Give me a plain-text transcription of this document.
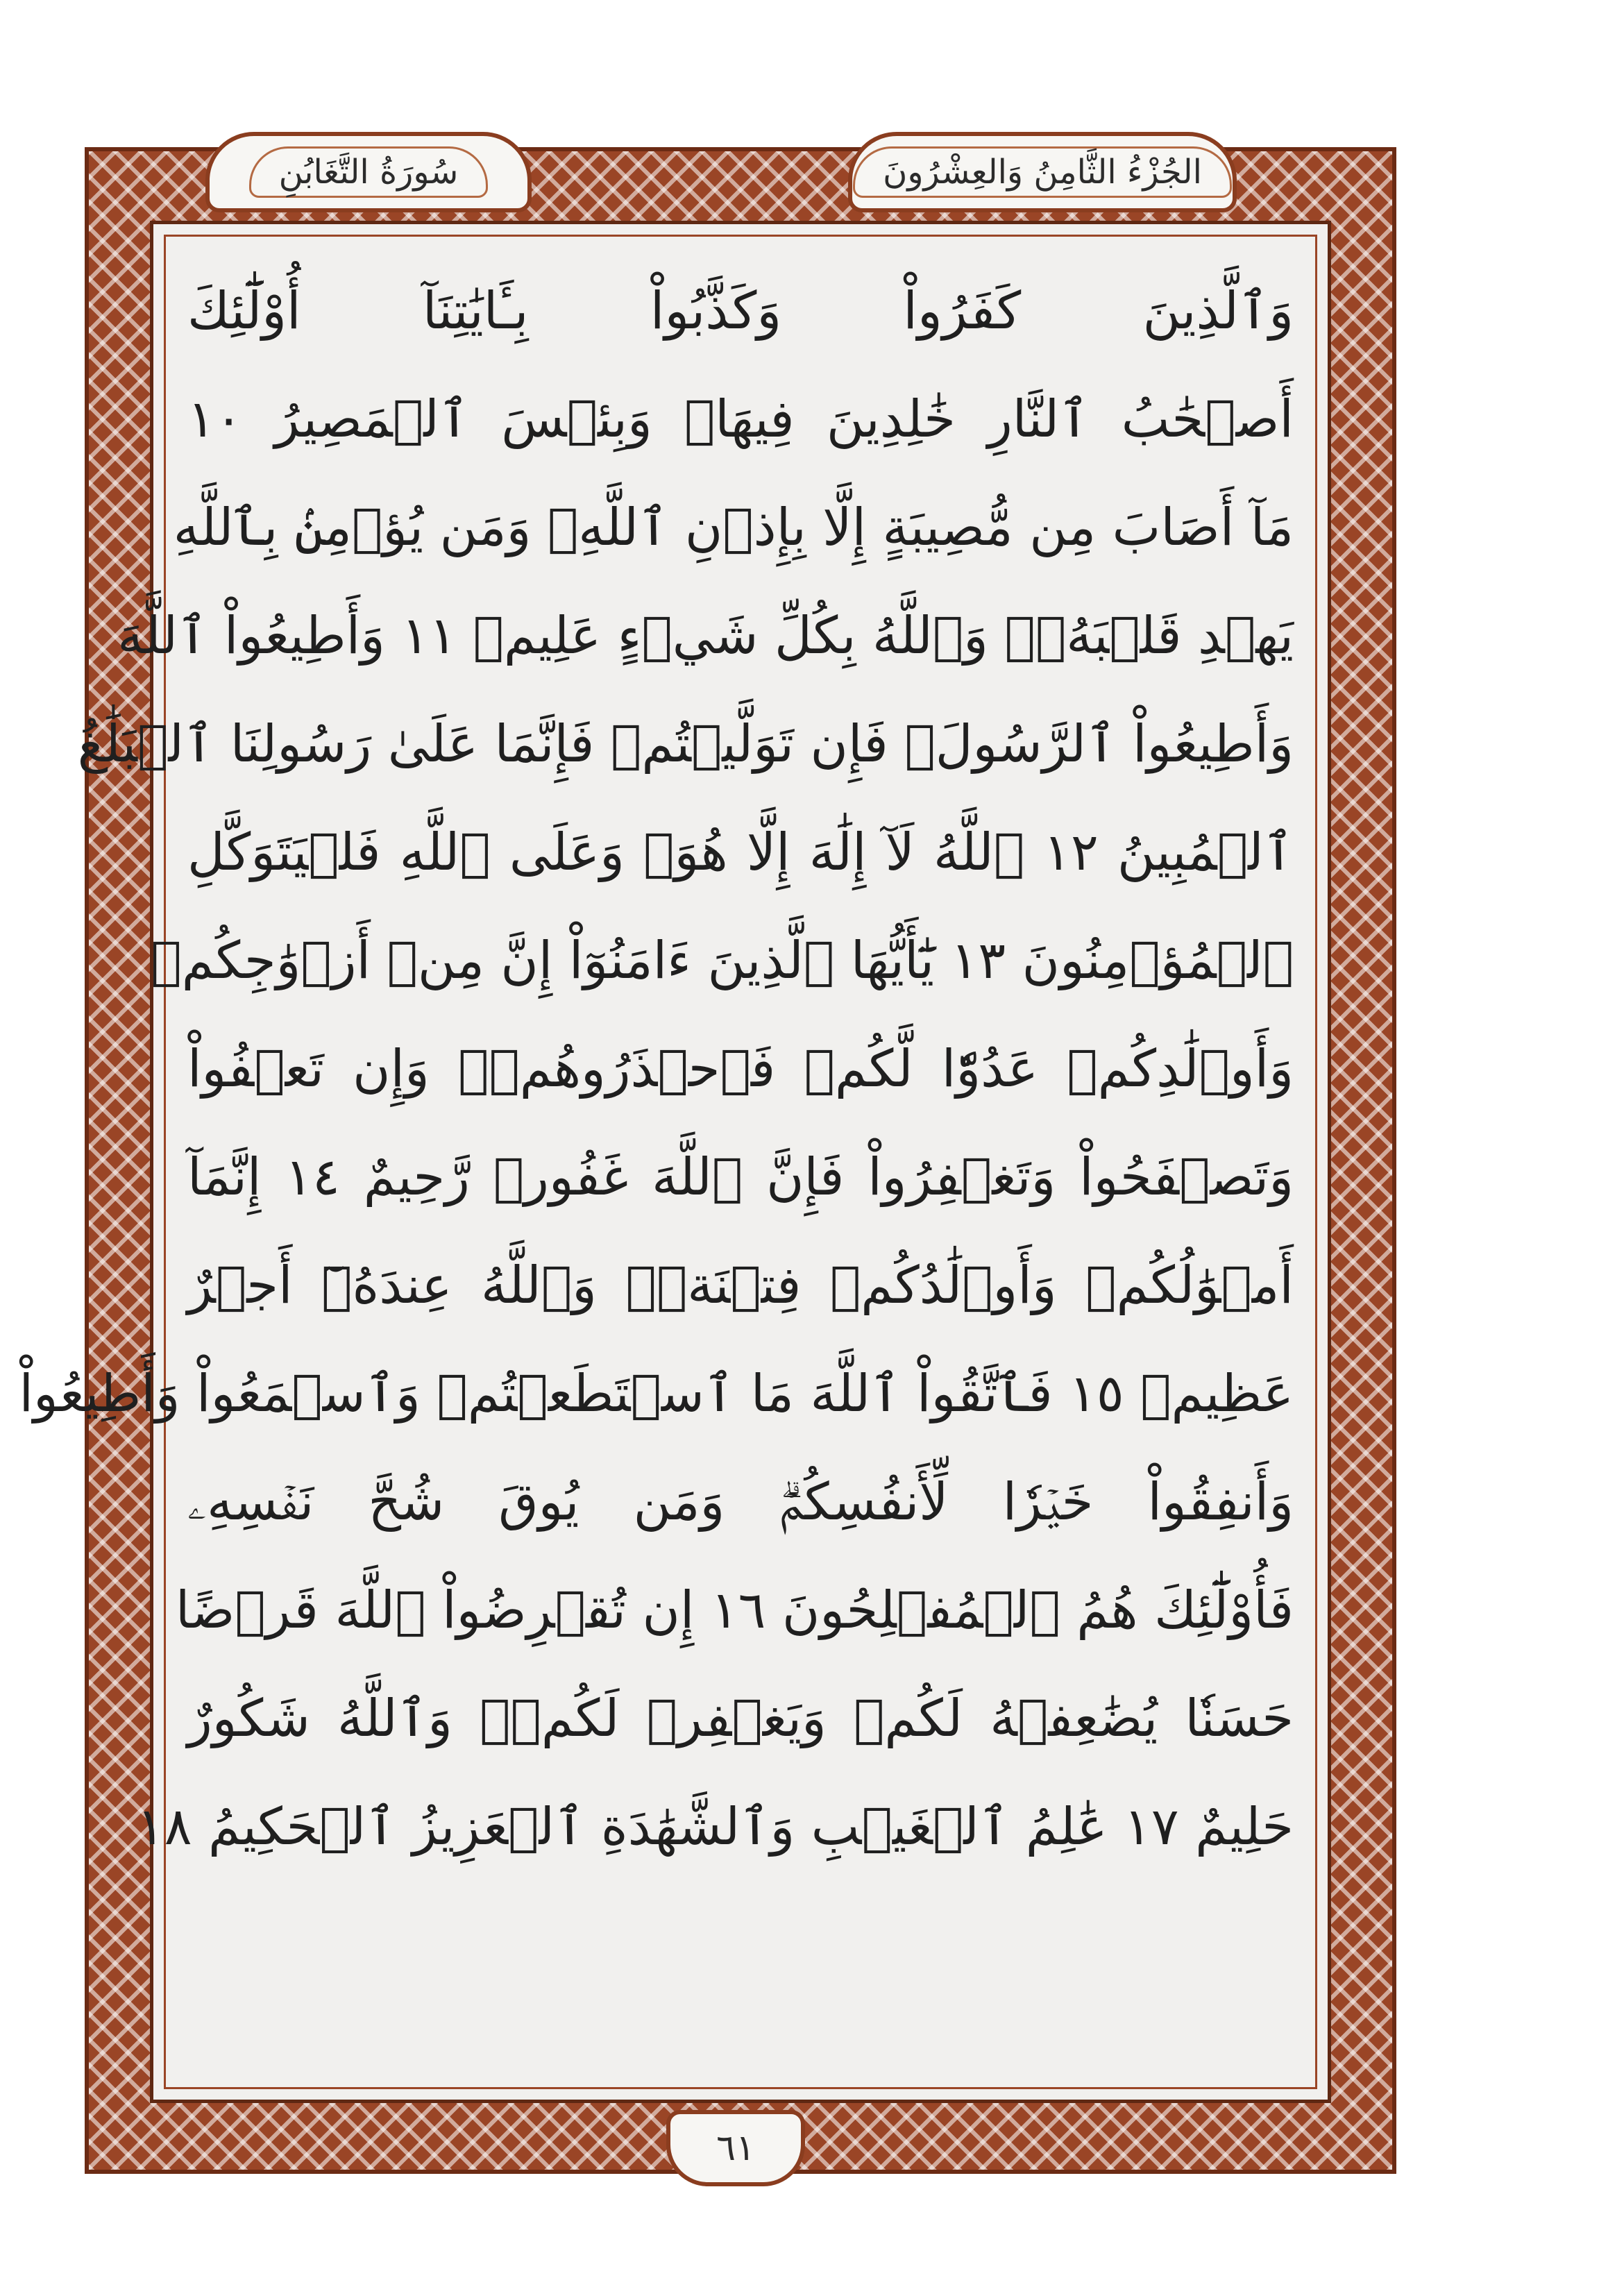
سُورَةُ التَّغَابُنِ	الجُزْءُ الثَّامِنُ وَالعِشْرُونَ
وَٱلَّذِينَ كَفَرُواْ وَكَذَّبُواْ بِـَٔايَٰتِنَآ أُوْلَٰٓئِكَ
أَصۡحَٰبُ ٱلنَّارِ خَٰلِدِينَ فِيهَاۖ وَبِئۡسَ ٱلۡمَصِيرُ ١٠
مَآ أَصَابَ مِن مُّصِيبَةٍ إِلَّا بِإِذۡنِ ٱللَّهِۗ وَمَن يُؤۡمِنۢ بِٱللَّهِ
يَهۡدِ قَلۡبَهُۥۚ وَٱللَّهُ بِكُلِّ شَيۡءٍ عَلِيمٞ ١١ وَأَطِيعُواْ ٱللَّهَ
وَأَطِيعُواْ ٱلرَّسُولَۚ فَإِن تَوَلَّيۡتُمۡ فَإِنَّمَا عَلَىٰ رَسُولِنَا ٱلۡبَلَٰغُ
ٱلۡمُبِينُ ١٢ ٱللَّهُ لَآ إِلَٰهَ إِلَّا هُوَۚ وَعَلَى ٱللَّهِ فَلۡيَتَوَكَّلِ
ٱلۡمُؤۡمِنُونَ ١٣ يَٰٓأَيُّهَا ٱلَّذِينَ ءَامَنُوٓاْ إِنَّ مِنۡ أَزۡوَٰجِكُمۡ
وَأَوۡلَٰدِكُمۡ عَدُوّٗا لَّكُمۡ فَٱحۡذَرُوهُمۡۚ وَإِن تَعۡفُواْ
وَتَصۡفَحُواْ وَتَغۡفِرُواْ فَإِنَّ ٱللَّهَ غَفُورٞ رَّحِيمٌ ١٤ إِنَّمَآ
أَمۡوَٰلُكُمۡ وَأَوۡلَٰدُكُمۡ فِتۡنَةٞۚ وَٱللَّهُ عِندَهُۥٓ أَجۡرٌ
عَظِيمٞ ١٥ فَٱتَّقُواْ ٱللَّهَ مَا ٱسۡتَطَعۡتُمۡ وَٱسۡمَعُواْ وَأَطِيعُواْ
وَأَنفِقُواْ خَيۡرٗا لِّأَنفُسِكُمۡۗ وَمَن يُوقَ شُحَّ نَفۡسِهِۦ
فَأُوْلَٰٓئِكَ هُمُ ٱلۡمُفۡلِحُونَ ١٦ إِن تُقۡرِضُواْ ٱللَّهَ قَرۡضًا
حَسَنٗا يُضَٰعِفۡهُ لَكُمۡ وَيَغۡفِرۡ لَكُمۡۚ وَٱللَّهُ شَكُورٌ
حَلِيمٌ ١٧ عَٰلِمُ ٱلۡغَيۡبِ وَٱلشَّهَٰدَةِ ٱلۡعَزِيزُ ٱلۡحَكِيمُ ١٨
٦١
